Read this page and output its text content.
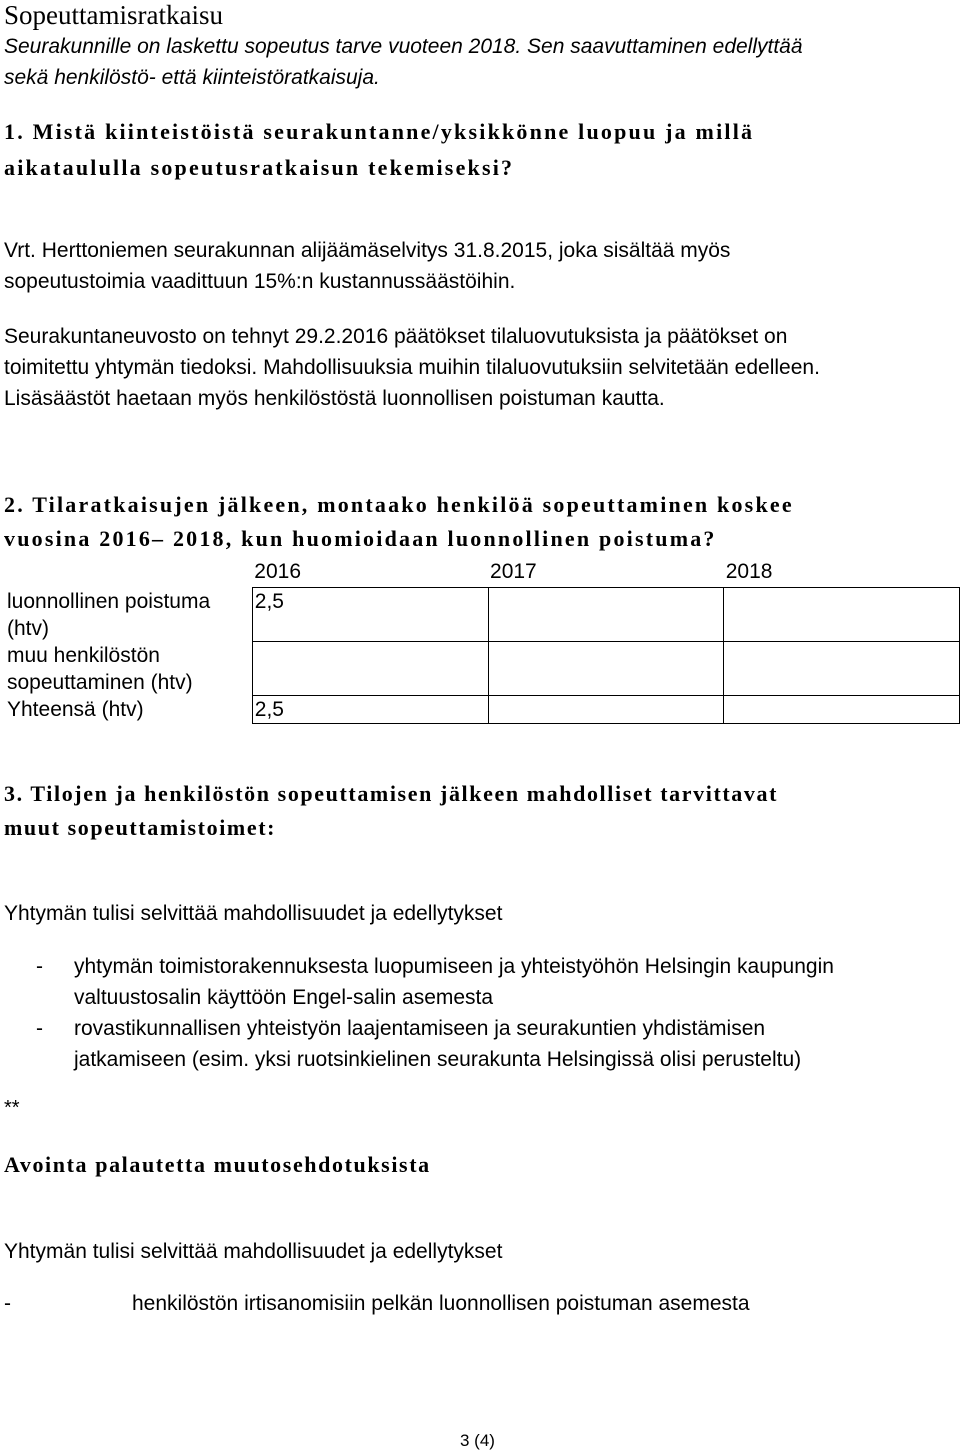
Sopeuttamisratkaisu
Seurakunnille on laskettu sopeutus tarve vuoteen 2018. Sen saavuttaminen edellyttää
sekä henkilöstö- että kiinteistöratkaisuja.
1. Mistä kiinteistöistä seurakuntanne/yksikkönne luopuu ja millä
aikataululla sopeutusratkaisun tekemiseksi?
Vrt. Herttoniemen seurakunnan alijäämäselvitys 31.8.2015, joka sisältää myös
sopeutustoimia vaadittuun 15%:n kustannussäästöihin.
Seurakuntaneuvosto on tehnyt 29.2.2016 päätökset tilaluovutuksista ja päätökset on
toimitettu yhtymän tiedoksi. Mahdollisuuksia muihin tilaluovutuksiin selvitetään edelleen.
Lisäsäästöt haetaan myös henkilöstöstä luonnollisen poistuman kautta.
2. Tilaratkaisujen jälkeen, montaako henkilöä sopeuttaminen koskee
vuosina 2016– 2018, kun huomioidaan luonnollinen poistuma?
	2016	2017	2018
luonnollinen poistuma
(htv)	2,5		
muu henkilöstön
sopeuttaminen (htv)			
Yhteensä (htv)	2,5		
3. Tilojen ja henkilöstön sopeuttamisen jälkeen mahdolliset tarvittavat
muut sopeuttamistoimet:
Yhtymän tulisi selvittää mahdollisuudet ja edellytykset
- yhtymän toimistorakennuksesta luopumiseen ja yhteistyöhön Helsingin kaupungin
valtuustosalin käyttöön Engel-salin asemesta
- rovastikunnallisen yhteistyön laajentamiseen ja seurakuntien yhdistämisen
jatkamiseen (esim. yksi ruotsinkielinen seurakunta Helsingissä olisi perusteltu)
**
Avointa palautetta muutosehdotuksista
Yhtymän tulisi selvittää mahdollisuudet ja edellytykset
-	henkilöstön irtisanomisiin pelkän luonnollisen poistuman asemesta
3 (4)
